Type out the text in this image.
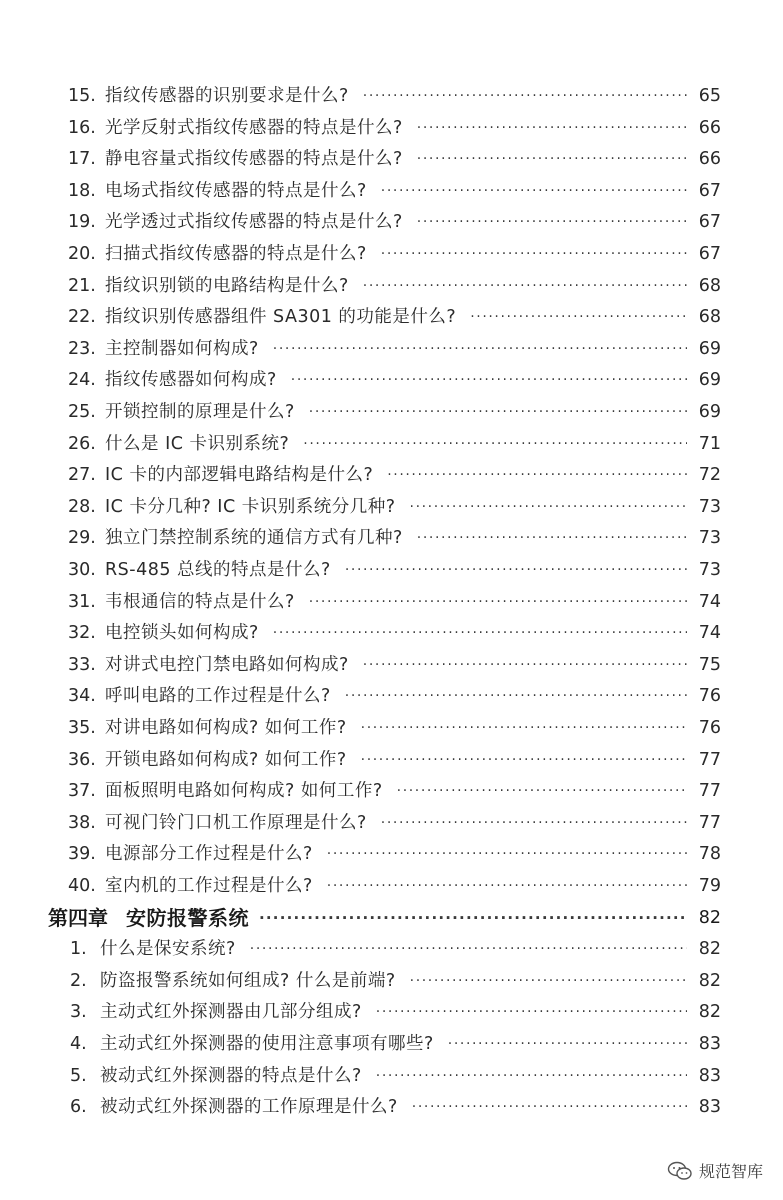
15. 指纹传感器的识别要求是什么? ·····	65
16. 光学反射式指纹传感器的特点是什么? ·····	66
17. 静电容量式指纹传感器的特点是什么? ·····	66
18. 电场式指纹传感器的特点是什么? ·····	67
19. 光学透过式指纹传感器的特点是什么? ·····	67
20. 扫描式指纹传感器的特点是什么? ·····	67
21. 指纹识别锁的电路结构是什么? ·····	68
22. 指纹识别传感器组件 SA301 的功能是什么? ·····	68
23. 主控制器如何构成? ·····	69
24. 指纹传感器如何构成? ·····	69
25. 开锁控制的原理是什么? ·····	69
26. 什么是 IC 卡识别系统? ·····	71
27. IC 卡的内部逻辑电路结构是什么? ·····	72
28. IC 卡分几种? IC 卡识别系统分几种? ·····	73
29. 独立门禁控制系统的通信方式有几种? ·····	73
30. RS-485 总线的特点是什么? ·····	73
31. 韦根通信的特点是什么? ·····	74
32. 电控锁头如何构成? ·····	74
33. 对讲式电控门禁电路如何构成? ·····	75
34. 呼叫电路的工作过程是什么? ·····	76
35. 对讲电路如何构成? 如何工作? ·····	76
36. 开锁电路如何构成? 如何工作? ·····	77
37. 面板照明电路如何构成? 如何工作? ·····	77
38. 可视门铃门口机工作原理是什么? ·····	77
39. 电源部分工作过程是什么? ·····	78
40. 室内机的工作过程是什么? ·····	79
第四章 安防报警系统 ·····	82
1. 什么是保安系统? ·····	82
2. 防盗报警系统如何组成? 什么是前端? ·····	82
3. 主动式红外探测器由几部分组成? ·····	82
4. 主动式红外探测器的使用注意事项有哪些? ·····	83
5. 被动式红外探测器的特点是什么? ·····	83
6. 被动式红外探测器的工作原理是什么? ·····	83
规范智库
